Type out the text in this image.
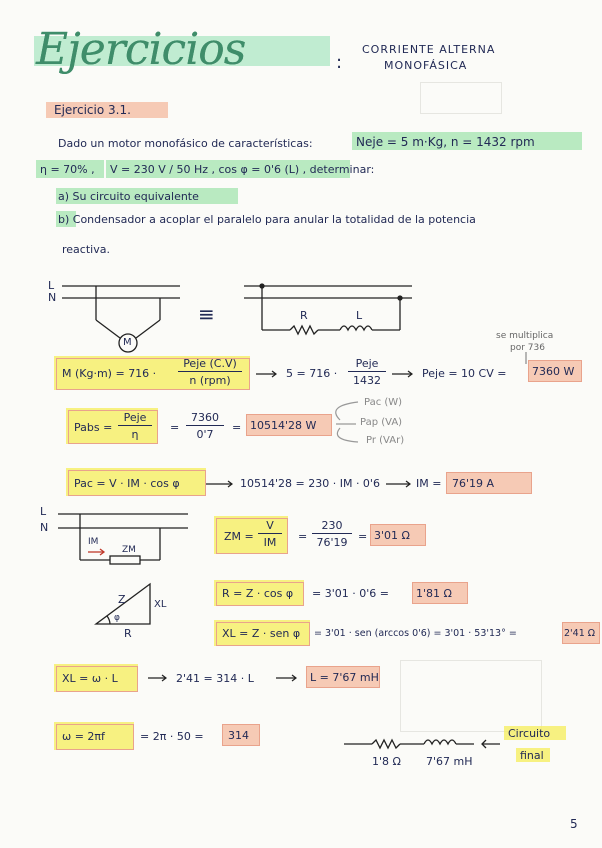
Ejercicios	:
CORRIENTE ALTERNA
MONOFÁSICA
Ejercicio 3.1.
Dado un motor monofásico de características:	Neje = 5 m·Kg, n = 1432 rpm
η = 70% , V = 230 V / 50 Hz , cos φ = 0'6 (L) , determinar:
a) Su circuito equivalente
b) Condensador a acoplar el paralelo para anular la totalidad de la potencia
reactiva.
L
N
M
≡	R	L
M (Kg·m) = 716 ·
Peje (C.V)
n (rpm)
5 = 716 ·
Peje
1432
Peje = 10 CV = 7360 W
se multiplica
por 736
Pabs =
Peje
η
= $\frac{7360}{0'7} = 10514'28$ W
Pac (W)
Pap (VA)
Pr (VAr)
Pac = V · IM · cos φ	10514'28 = 230 · IM · 0'6	IM = 76'19 A
L
N
IM
ZM
ZM = $\frac{V}{IM} = \frac{230}{76'19} = 3'01$ Ω
Z	XL
R
φ
R = Z · cos φ = 3'01 · 0'6 = 1'81 Ω
XL = Z · sen φ = 3'01 · sen (arccos 0'6) = 3'01 · 53'13° =	2'41 Ω
XL = ω · L	2'41 = 314 · L	L = 7'67 mH
ω = 2πf	= 2π · 50 = 314
1'8 Ω 7'67 mH
Circuito
final
5
